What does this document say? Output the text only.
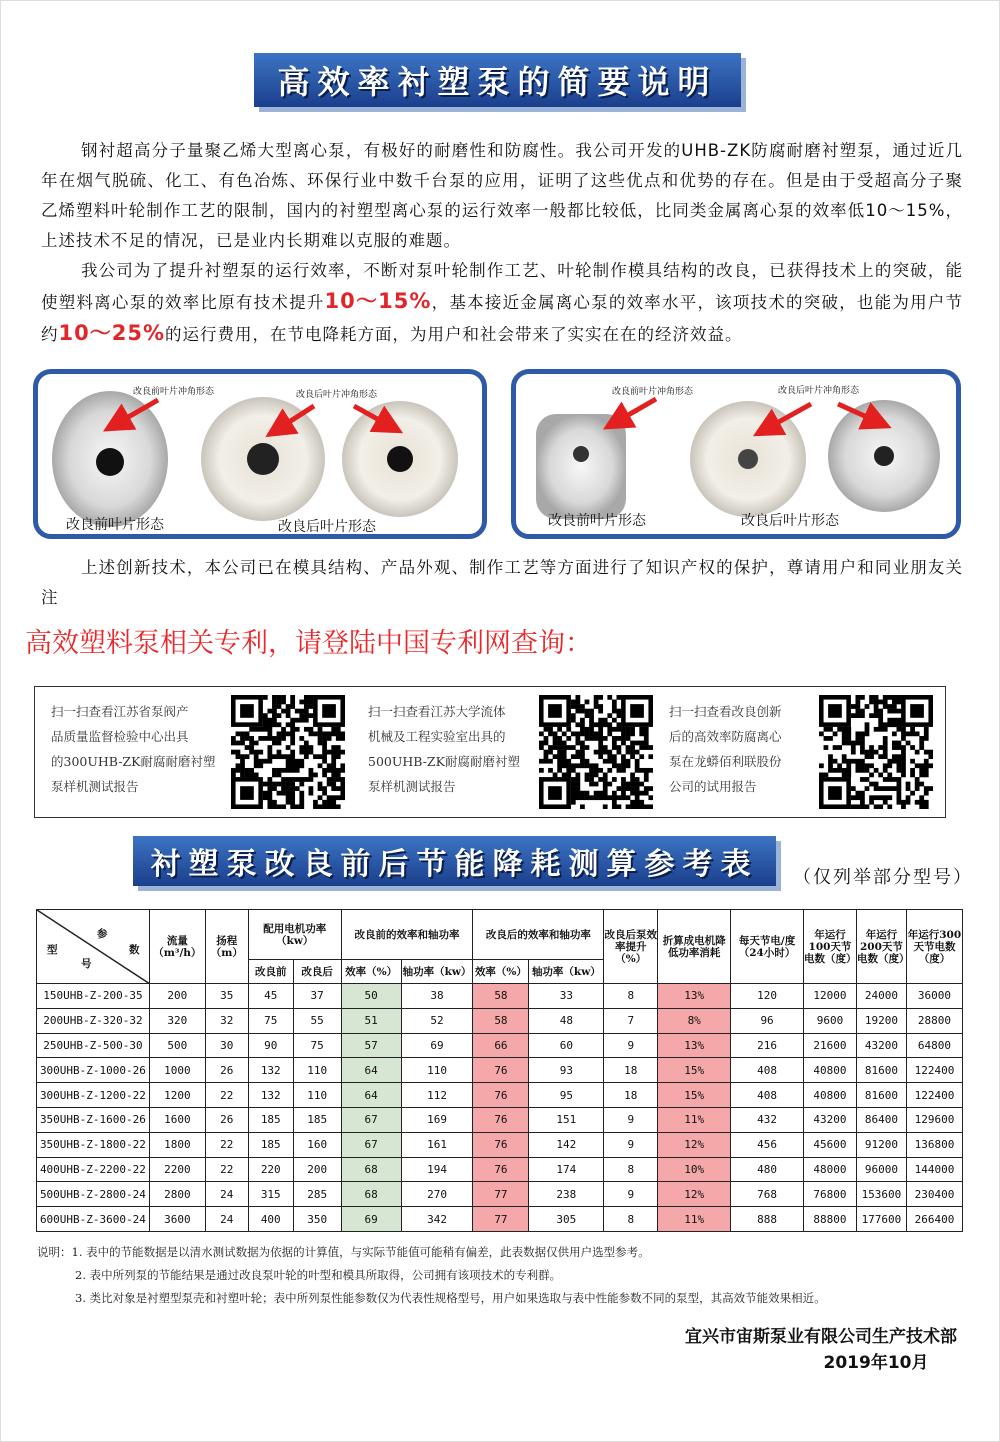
高效率衬塑泵的简要说明
钢衬超高分子量聚乙烯大型离心泵，有极好的耐磨性和防腐性。我公司开发的UHB-ZK防腐耐磨衬塑泵，通过近几年在烟气脱硫、化工、有色冶炼、环保行业中数千台泵的应用，证明了这些优点和优势的存在。但是由于受超高分子聚乙烯塑料叶轮制作工艺的限制，国内的衬塑型离心泵的运行效率一般都比较低，比同类金属离心泵的效率低10～15%，上述技术不足的情况，已是业内长期难以克服的难题。
我公司为了提升衬塑泵的运行效率，不断对泵叶轮制作工艺、叶轮制作模具结构的改良，已获得技术上的突破，能使塑料离心泵的效率比原有技术提升10～15%，基本接近金属离心泵的效率水平，该项技术的突破，也能为用户节约10～25%的运行费用，在节电降耗方面，为用户和社会带来了实实在在的经济效益。
改良前叶片冲角形态	改良后叶片冲角形态
改良前叶片形态	改良后叶片形态
改良前叶片冲角形态	改良后叶片冲角形态
改良前叶片形态	改良后叶片形态
上述创新技术，本公司已在模具结构、产品外观、制作工艺等方面进行了知识产权的保护，尊请用户和同业朋友关注
高效塑料泵相关专利，请登陆中国专利网查询：
扫一扫查看江苏省泵阀产
品质量监督检验中心出具
的300UHB-ZK耐腐耐磨衬塑
泵样机测试报告
扫一扫查看江苏大学流体
机械及工程实验室出具的
500UHB-ZK耐腐耐磨衬塑
泵样机测试报告
扫一扫查看改良创新
后的高效率防腐离心
泵在龙蟒佰利联股份
公司的试用报告
衬塑泵改良前后节能降耗测算参考表	（仅列举部分型号）
参
数
型
号	流量（m³/h）	扬程（m）	配用电机功率（kw）		改良前的效率和轴功率		改良后的效率和轴功率		改良后泵效率提升（%）	折算成电机降低功率消耗	每天节电/度（24小时）	年运行100天节电数（度）	年运行200天节电数（度）	年运行300天节电数（度）
			改良前	改良后	效率（%）	轴功率（kw）	效率（%）	轴功率（kw）						
150UHB-Z-200-35	200	35	45	37	50	38	58	33	8	13%	120	12000	24000	36000
200UHB-Z-320-32	320	32	75	55	51	52	58	48	7	8%	96	9600	19200	28800
250UHB-Z-500-30	500	30	90	75	57	69	66	60	9	13%	216	21600	43200	64800
300UHB-Z-1000-26	1000	26	132	110	64	110	76	93	18	15%	408	40800	81600	122400
300UHB-Z-1200-22	1200	22	132	110	64	112	76	95	18	15%	408	40800	81600	122400
350UHB-Z-1600-26	1600	26	185	185	67	169	76	151	9	11%	432	43200	86400	129600
350UHB-Z-1800-22	1800	22	185	160	67	161	76	142	9	12%	456	45600	91200	136800
400UHB-Z-2200-22	2200	22	220	200	68	194	76	174	8	10%	480	48000	96000	144000
500UHB-Z-2800-24	2800	24	315	285	68	270	77	238	9	12%	768	76800	153600	230400
600UHB-Z-3600-24	3600	24	400	350	69	342	77	305	8	11%	888	88800	177600	266400
说明：1. 表中的节能数据是以清水测试数据为依据的计算值，与实际节能值可能稍有偏差，此表数据仅供用户选型参考。
2. 表中所列泵的节能结果是通过改良泵叶轮的叶型和模具所取得，公司拥有该项技术的专利群。
3. 类比对象是衬塑型泵壳和衬塑叶轮；表中所列泵性能参数仅为代表性规格型号，用户如果选取与表中性能参数不同的泵型，其高效节能效果相近。
宜兴市宙斯泵业有限公司生产技术部
2019年10月
